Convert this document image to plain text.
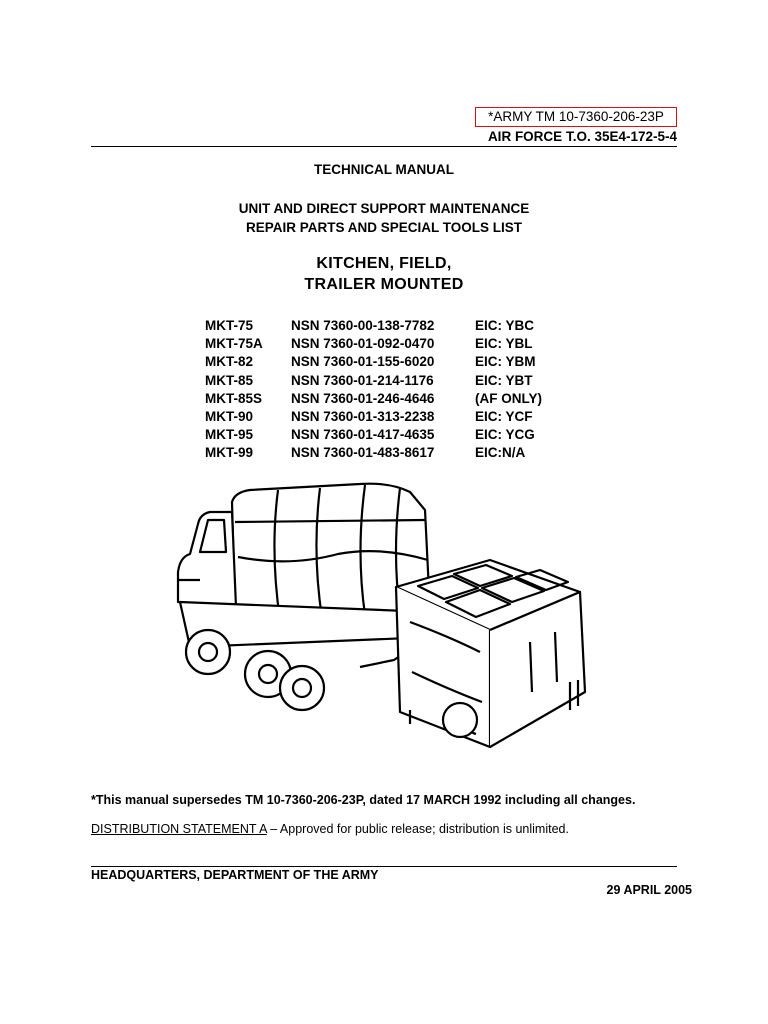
*ARMY TM 10-7360-206-23P
AIR FORCE T.O. 35E4-172-5-4
TECHNICAL MANUAL
UNIT AND DIRECT SUPPORT MAINTENANCE
REPAIR PARTS AND SPECIAL TOOLS LIST
KITCHEN, FIELD,
TRAILER MOUNTED
MKT-75	NSN 7360-00-138-7782	EIC: YBC
MKT-75A NSN 7360-01-092-0470	EIC: YBL
MKT-82	NSN 7360-01-155-6020	EIC: YBM
MKT-85	NSN 7360-01-214-1176	EIC: YBT
MKT-85S NSN 7360-01-246-4646	(AF ONLY)
MKT-90	NSN 7360-01-313-2238	EIC: YCF
MKT-95	NSN 7360-01-417-4635	EIC: YCG
MKT-99	NSN 7360-01-483-8617	EIC:N/A
*This manual supersedes TM 10-7360-206-23P, dated 17 MARCH 1992 including all changes.
DISTRIBUTION STATEMENT A – Approved for public release; distribution is unlimited.
HEADQUARTERS, DEPARTMENT OF THE ARMY
29 APRIL 2005
